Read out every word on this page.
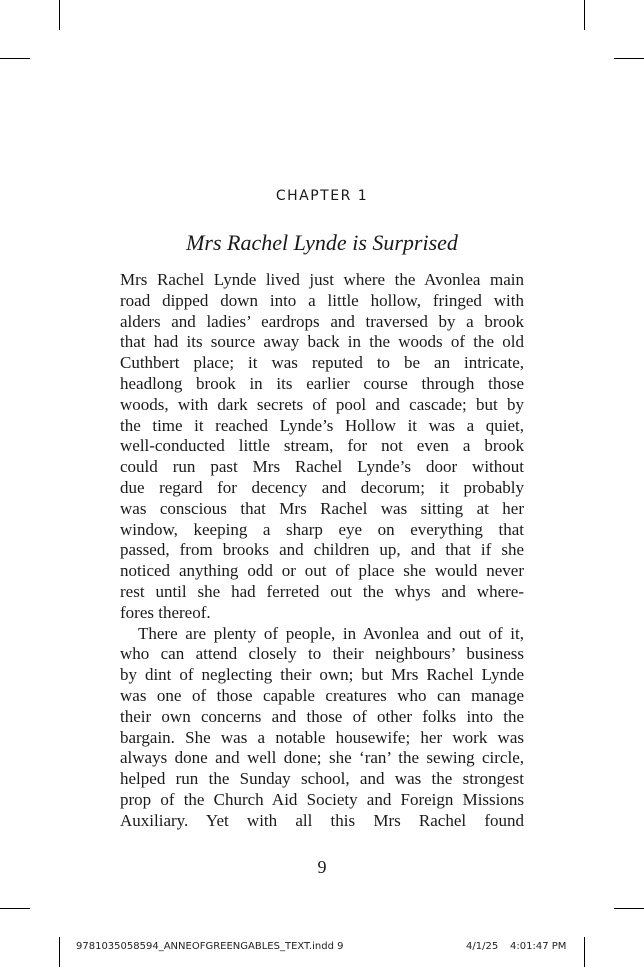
CHAPTER 1
Mrs Rachel Lynde is Surprised
Mrs Rachel Lynde lived just where the Avonlea main
road dipped down into a little hollow, fringed with
alders and ladies’ eardrops and traversed by a brook
that had its source away back in the woods of the old
Cuthbert place; it was reputed to be an intricate,
headlong brook in its earlier course through those
woods, with dark secrets of pool and cascade; but by
the time it reached Lynde’s Hollow it was a quiet,
well-conducted little stream, for not even a brook
could run past Mrs Rachel Lynde’s door without
due regard for decency and decorum; it probably
was conscious that Mrs Rachel was sitting at her
window, keeping a sharp eye on everything that
passed, from brooks and children up, and that if she
noticed anything odd or out of place she would never
rest until she had ferreted out the whys and where-
fores thereof.
There are plenty of people, in Avonlea and out of it,
who can attend closely to their neighbours’ business
by dint of neglecting their own; but Mrs Rachel Lynde
was one of those capable creatures who can manage
their own concerns and those of other folks into the
bargain. She was a notable housewife; her work was
always done and well done; she ‘ran’ the sewing circle,
helped run the Sunday school, and was the strongest
prop of the Church Aid Society and Foreign Missions
Auxiliary. Yet with all this Mrs Rachel found
9
9781035058594_ANNEOFGREENGABLES_TEXT.indd 9	4/1/25 4:01:47 PM
